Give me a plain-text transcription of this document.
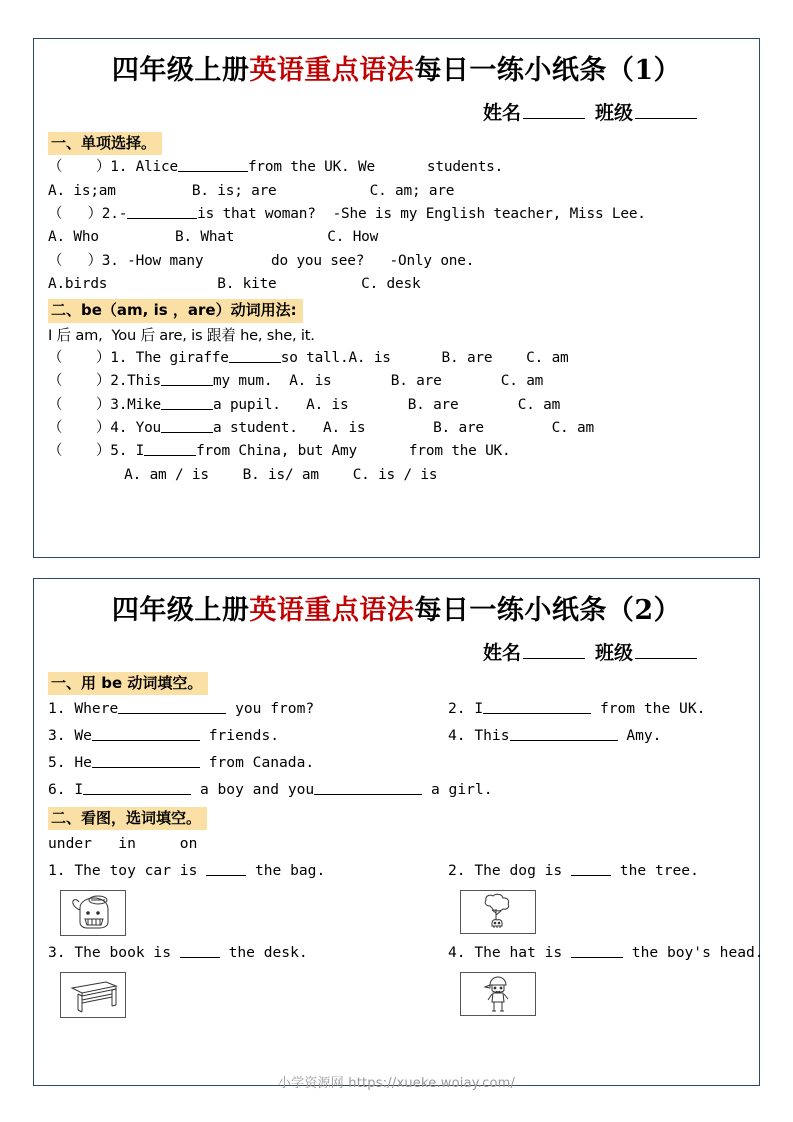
四年级上册英语重点语法每日一练小纸条（1）
姓名	班级
一、单项选择。
（    ）1. Alice	from the UK. We	students.
A. is;am         B. is; are           C. am; are
（   ）2.-	is that woman?  -She is my English teacher, Miss Lee.
A. Who         B. What           C. How
（   ）3. -How many        do you see?   -Only one.
A.birds             B. kite          C. desk
二、be（am, is ，are）动词用法:
I 后 am,  You 后 are, is 跟着 he, she, it.
（    ）1. The giraffe	so tall.A. is      B. are    C. am
（    ）2.This	my mum.  A. is       B. are       C. am
（    ）3.Mike	a pupil.   A. is       B. are       C. am
（    ）4. You	a student.   A. is        B. are        C. am
（    ）5. I	from China, but Amy	from the UK.
A. am / is    B. is/ am    C. is / is
四年级上册英语重点语法每日一练小纸条（2）
姓名	班级
一、用 be 动词填空。
1. Where	you from?	2. I	from the UK.
3. We	friends.	4. This	Amy.
5. He	from Canada.
6. I	a boy and you	a girl.
二、看图，选词填空。
under   in     on
1. The toy car is	the bag.	2. The dog is	the tree.
3. The book is	the desk.	4. The hat is	the boy's head.
小学资源网 https://xueke.woiay.com/
